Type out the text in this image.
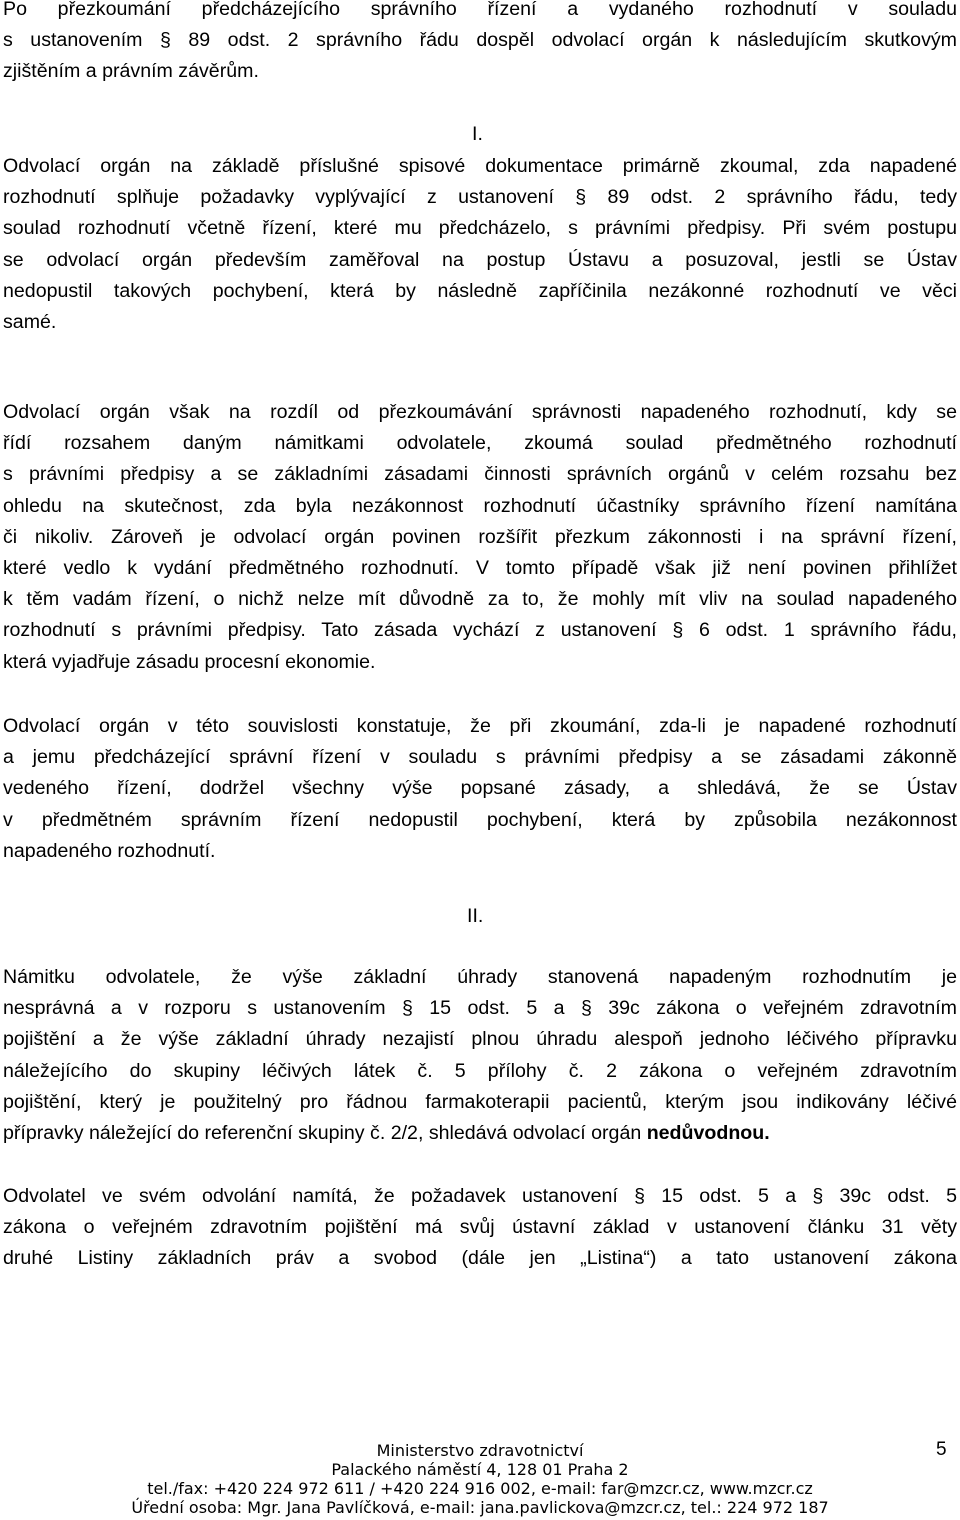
Po přezkoumání předcházejícího správního řízení a vydaného rozhodnutí v souladu
s ustanovením § 89 odst. 2 správního řádu dospěl odvolací orgán k následujícím skutkovým
zjištěním a právním závěrům.
I.
Odvolací orgán na základě příslušné spisové dokumentace primárně zkoumal, zda napadené
rozhodnutí splňuje požadavky vyplývající z ustanovení § 89 odst. 2 správního řádu, tedy
soulad rozhodnutí včetně řízení, které mu předcházelo, s právními předpisy. Při svém postupu
se odvolací orgán především zaměřoval na postup Ústavu a posuzoval, jestli se Ústav
nedopustil takových pochybení, která by následně zapříčinila nezákonné rozhodnutí ve věci
samé.
Odvolací orgán však na rozdíl od přezkoumávání správnosti napadeného rozhodnutí, kdy se
řídí rozsahem daným námitkami odvolatele, zkoumá soulad předmětného rozhodnutí
s právními předpisy a se základními zásadami činnosti správních orgánů v celém rozsahu bez
ohledu na skutečnost, zda byla nezákonnost rozhodnutí účastníky správního řízení namítána
či nikoliv. Zároveň je odvolací orgán povinen rozšířit přezkum zákonnosti i na správní řízení,
které vedlo k vydání předmětného rozhodnutí. V tomto případě však již není povinen přihlížet
k těm vadám řízení, o nichž nelze mít důvodně za to, že mohly mít vliv na soulad napadeného
rozhodnutí s právními předpisy. Tato zásada vychází z ustanovení § 6 odst. 1 správního řádu,
která vyjadřuje zásadu procesní ekonomie.
Odvolací orgán v této souvislosti konstatuje, že při zkoumání, zda-li je napadené rozhodnutí
a jemu předcházející správní řízení v souladu s právními předpisy a se zásadami zákonně
vedeného řízení, dodržel všechny výše popsané zásady, a shledává, že se Ústav
v předmětném správním řízení nedopustil pochybení, která by způsobila nezákonnost
napadeného rozhodnutí.
II.
Námitku odvolatele, že výše základní úhrady stanovená napadeným rozhodnutím je
nesprávná a v rozporu s ustanovením § 15 odst. 5 a § 39c zákona o veřejném zdravotním
pojištění a že výše základní úhrady nezajistí plnou úhradu alespoň jednoho léčivého přípravku
náležejícího do skupiny léčivých látek č. 5 přílohy č. 2 zákona o veřejném zdravotním
pojištění, který je použitelný pro řádnou farmakoterapii pacientů, kterým jsou indikovány léčivé
přípravky náležející do referenční skupiny č. 2/2, shledává odvolací orgán nedůvodnou.
Odvolatel ve svém odvolání namítá, že požadavek ustanovení § 15 odst. 5 a § 39c odst. 5
zákona o veřejném zdravotním pojištění má svůj ústavní základ v ustanovení článku 31 věty
druhé Listiny základních práv a svobod (dále jen „Listina“) a tato ustanovení zákona
Ministerstvo zdravotnictví
Palackého náměstí 4, 128 01 Praha 2
tel./fax: +420 224 972 611 / +420 224 916 002, e-mail: far@mzcr.cz, www.mzcr.cz
Úřední osoba: Mgr. Jana Pavlíčková, e-mail: jana.pavlickova@mzcr.cz, tel.: 224 972 187
5
